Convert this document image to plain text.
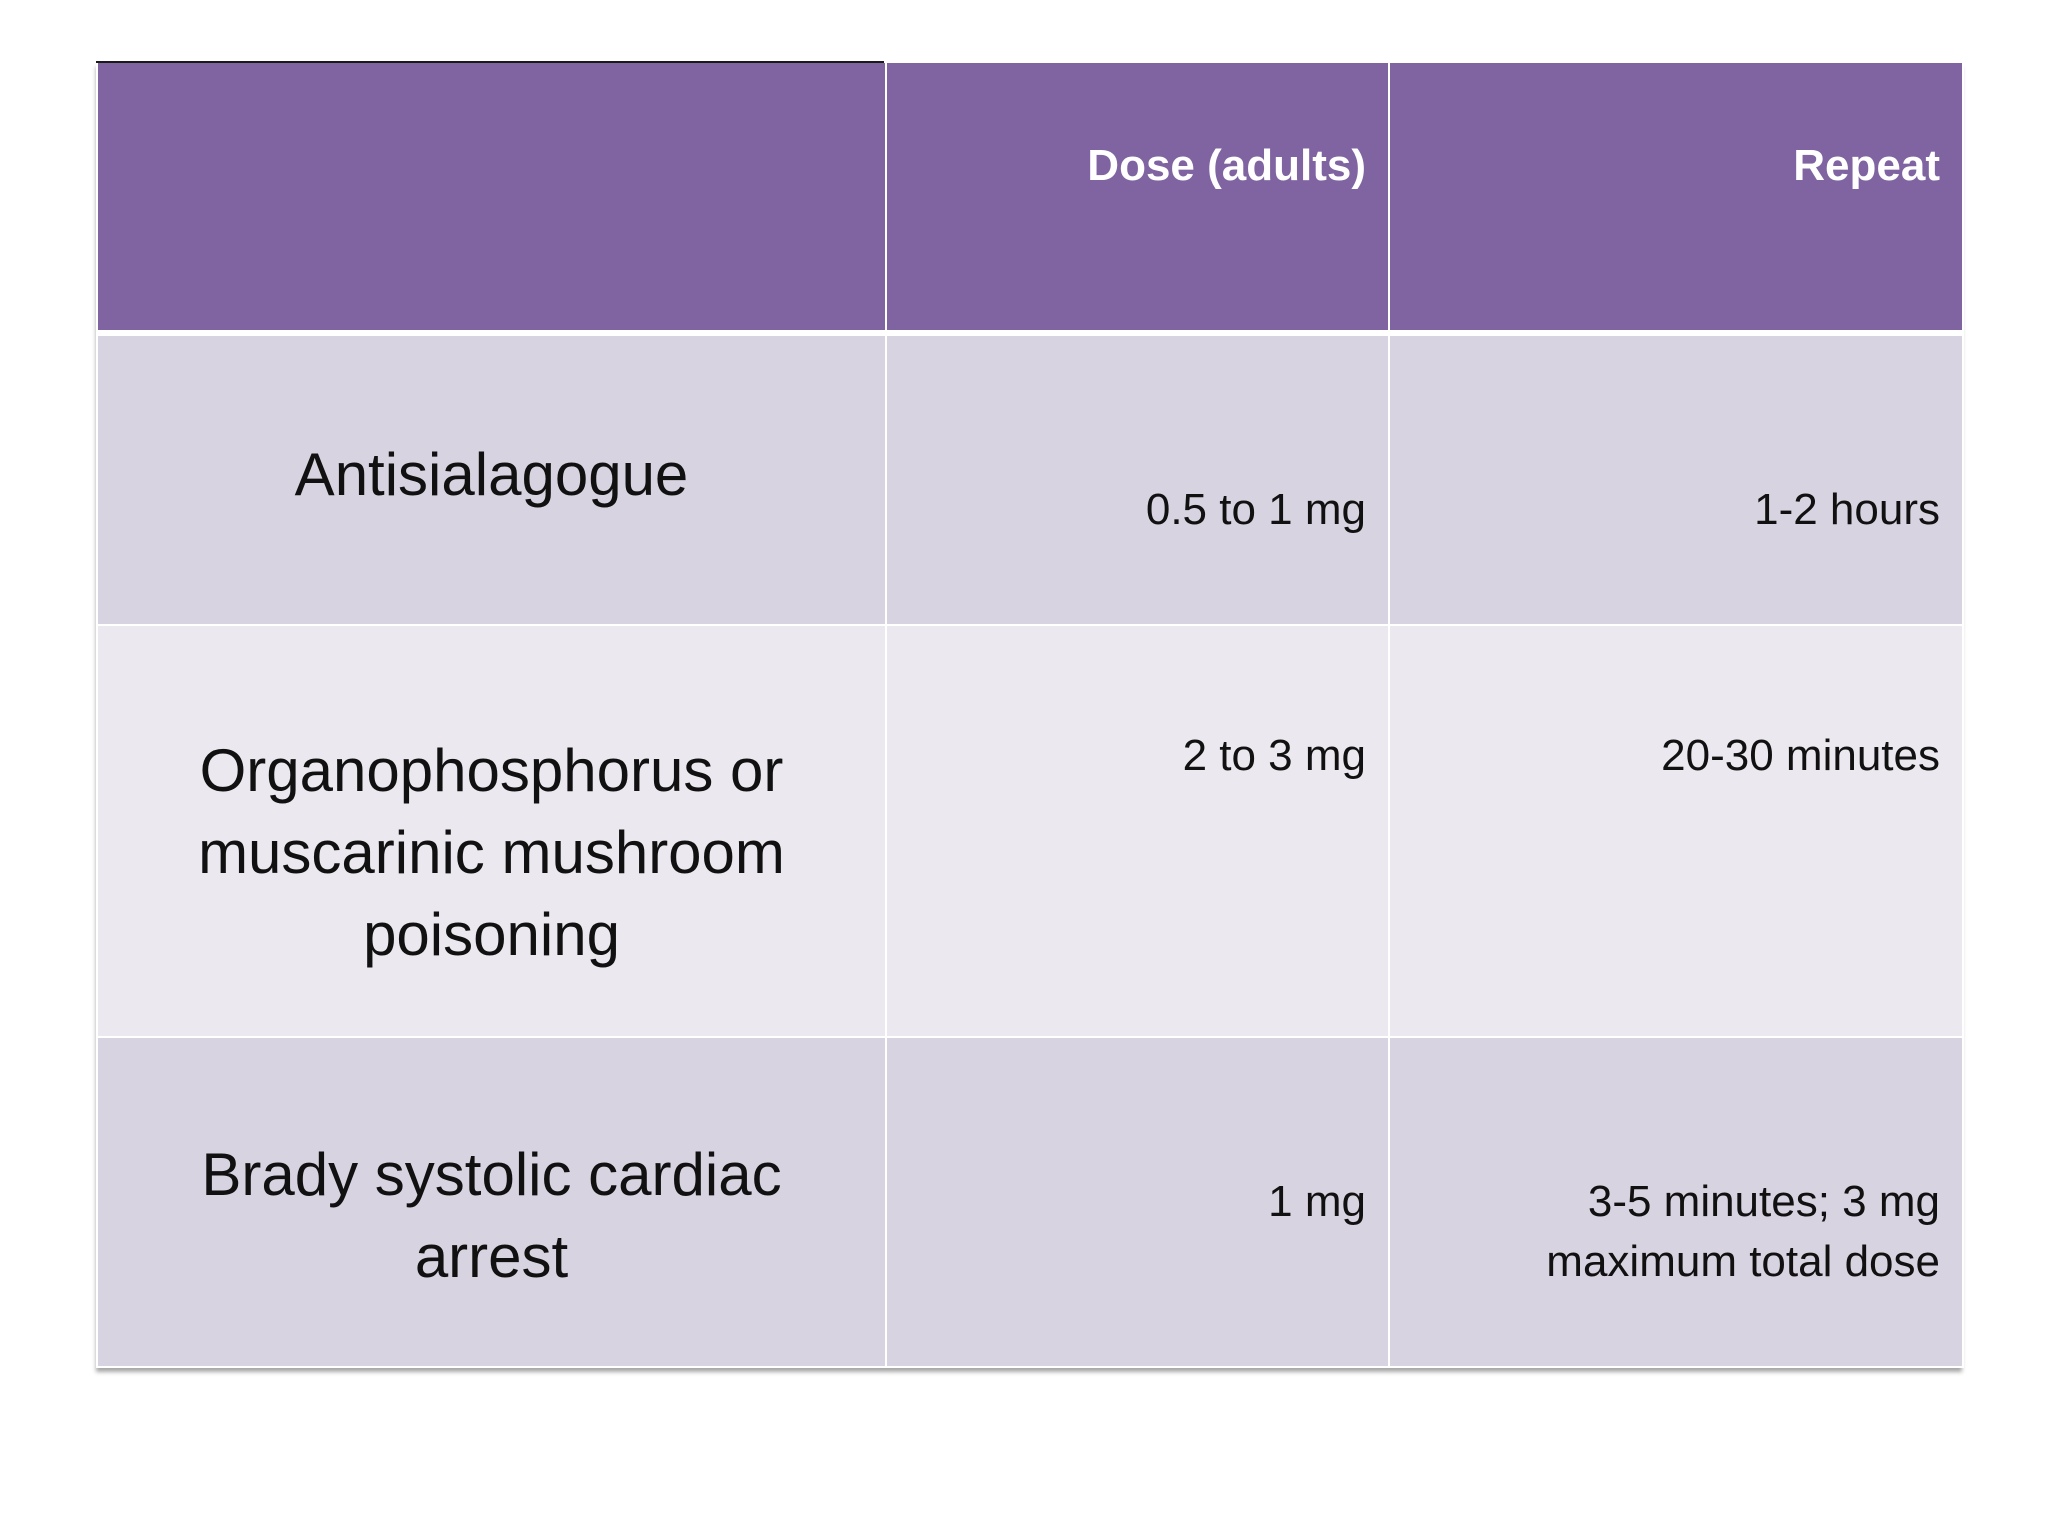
	Dose (adults)	Repeat
Antisialagogue	0.5 to 1 mg	1-2 hours
Organophosphorus or muscarinic mushroom poisoning	2 to 3 mg	20-30 minutes
Brady systolic cardiac arrest	1 mg	3-5 minutes; 3 mg maximum total dose
